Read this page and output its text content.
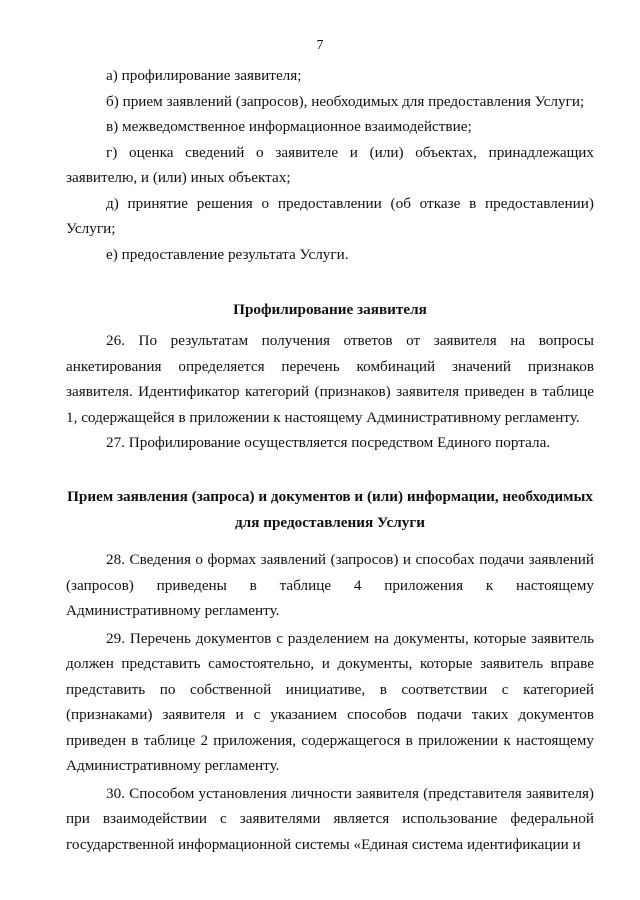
7

а) профилирование заявителя;

б) прием заявлений (запросов), необходимых для предоставления Услуги;

в) межведомственное информационное взаимодействие;

г) оценка сведений о заявителе и (или) объектах, принадлежащих заявителю, и (или) иных объектах;

д) принятие решения о предоставлении (об отказе в предоставлении) Услуги;

е) предоставление результата Услуги.

Профилирование заявителя

26. По результатам получения ответов от заявителя на вопросы анкетирования определяется перечень комбинаций значений признаков заявителя. Идентификатор категорий (признаков) заявителя приведен в таблице 1, содержащейся в приложении к настоящему Административному регламенту.

27. Профилирование осуществляется посредством Единого портала.

Прием заявления (запроса) и документов и (или) информации, необходимых для предоставления Услуги

28. Сведения о формах заявлений (запросов) и способах подачи заявлений (запросов) приведены в таблице 4 приложения к настоящему Административному регламенту.

29. Перечень документов с разделением на документы, которые заявитель должен представить самостоятельно, и документы, которые заявитель вправе представить по собственной инициативе, в соответствии с категорией (признаками) заявителя и с указанием способов подачи таких документов приведен в таблице 2 приложения, содержащегося в приложении к настоящему Административному регламенту.

30. Способом установления личности заявителя (представителя заявителя) при взаимодействии с заявителями является использование федеральной государственной информационной системы «Единая система идентификации и
